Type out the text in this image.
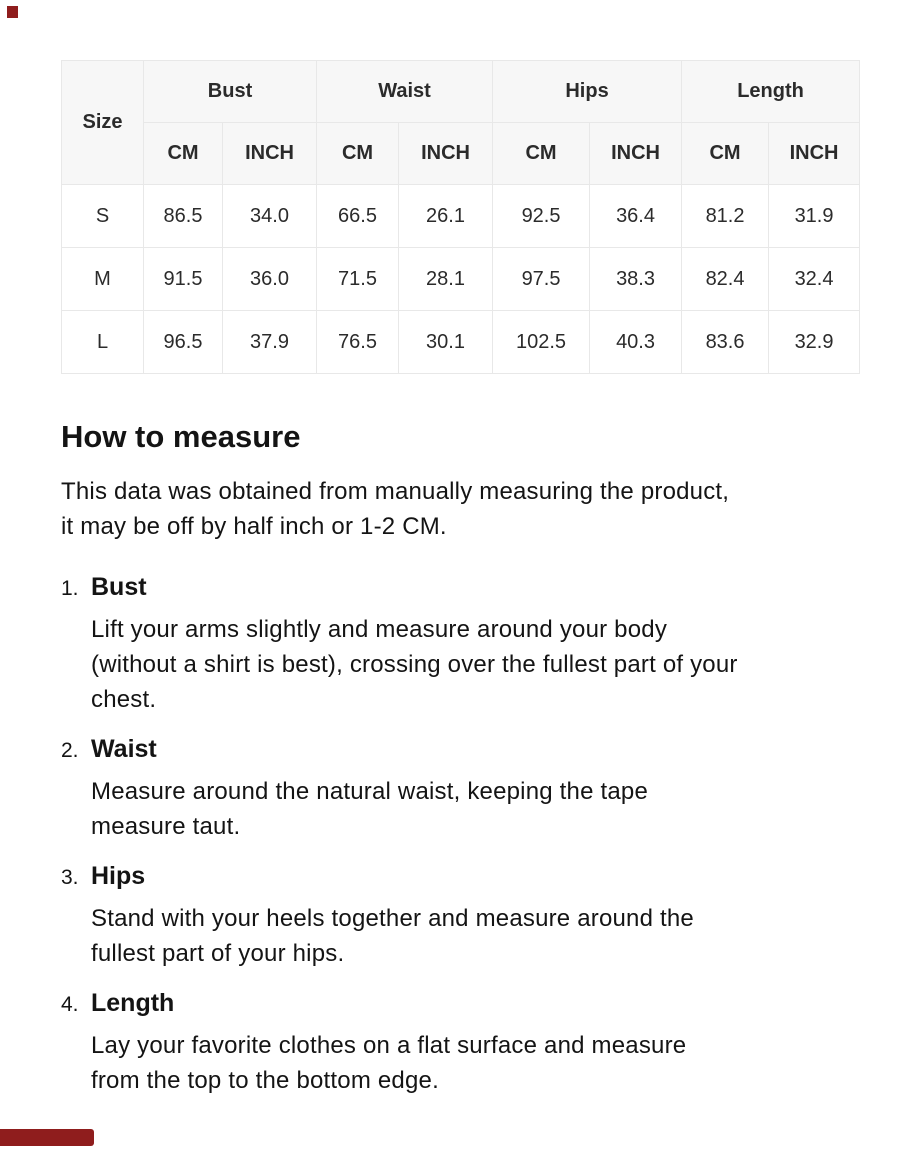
Size	Bust		Waist		Hips		Length	
	CM	INCH	CM	INCH	CM	INCH	CM	INCH
S	86.5	34.0	66.5	26.1	92.5	36.4	81.2	31.9
M	91.5	36.0	71.5	28.1	97.5	38.3	82.4	32.4
L	96.5	37.9	76.5	30.1	102.5	40.3	83.6	32.9
How to measure
This data was obtained from manually measuring the product,
it may be off by half inch or 1-2 CM.
1. Bust
Lift your arms slightly and measure around your body
(without a shirt is best), crossing over the fullest part of your
chest.
2. Waist
Measure around the natural waist, keeping the tape
measure taut.
3. Hips
Stand with your heels together and measure around the
fullest part of your hips.
4. Length
Lay your favorite clothes on a flat surface and measure
from the top to the bottom edge.
